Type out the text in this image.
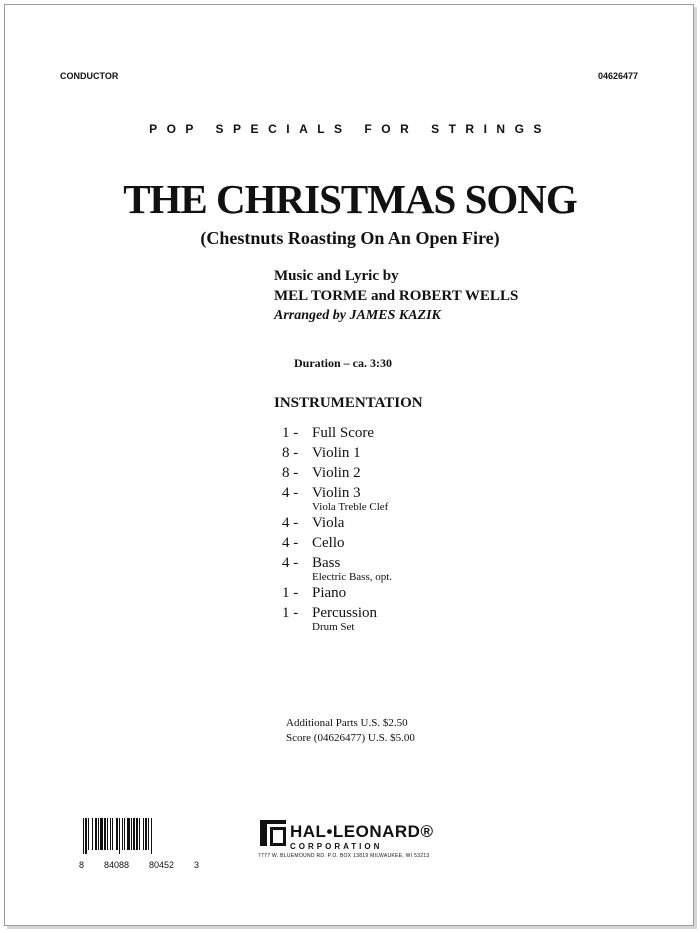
CONDUCTOR	04626477
POP SPECIALS FOR STRINGS
THE CHRISTMAS SONG
(Chestnuts Roasting On An Open Fire)
Music and Lyric by
MEL TORME and ROBERT WELLS
Arranged by JAMES KAZIK
Duration – ca. 3:30
INSTRUMENTATION
1 - Full Score
8 - Violin 1
8 - Violin 2
4 - Violin 3
Viola Treble Clef
4 - Viola
4 - Cello
4 - Bass
Electric Bass, opt.
1 - Piano
1 - Percussion
Drum Set
Additional Parts U.S. $2.50
Score (04626477) U.S. $5.00
8 84088 80452 3
HAL•LEONARD®
CORPORATION
7777 W. BLUEMOUND RD. P.O. BOX 13819 MILWAUKEE, WI 53213
